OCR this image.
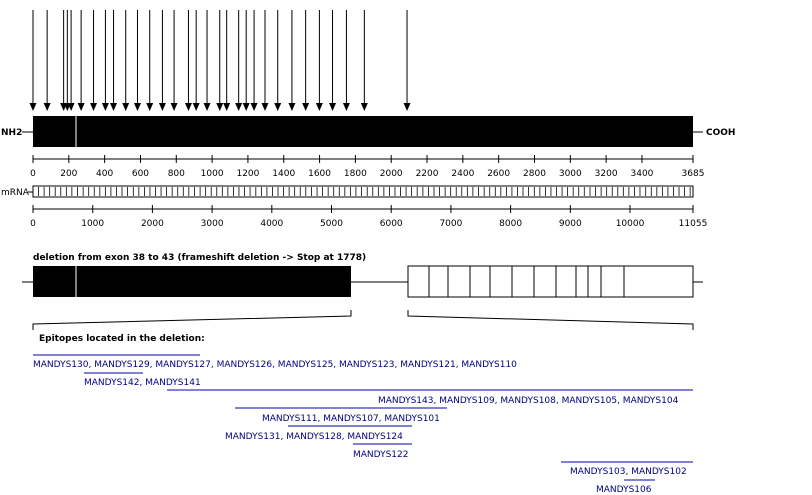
NH2	COOH
0	200 400 600 800 1000 1200 1400 1600 1800 2000 2200 2400 2600 2800 3000 3200 3400	3685
mRNA
0	1000	2000	3000	4000	5000	6000	7000	8000	9000	10000	11055
deletion from exon 38 to 43 (frameshift deletion -> Stop at 1778)
Epitopes located in the deletion:
MANDYS130, MANDYS129, MANDYS127, MANDYS126, MANDYS125, MANDYS123, MANDYS121, MANDYS110
MANDYS142, MANDYS141
MANDYS143, MANDYS109, MANDYS108, MANDYS105, MANDYS104
MANDYS111, MANDYS107, MANDYS101
MANDYS131, MANDYS128, MANDYS124
MANDYS122
MANDYS103, MANDYS102
MANDYS106
